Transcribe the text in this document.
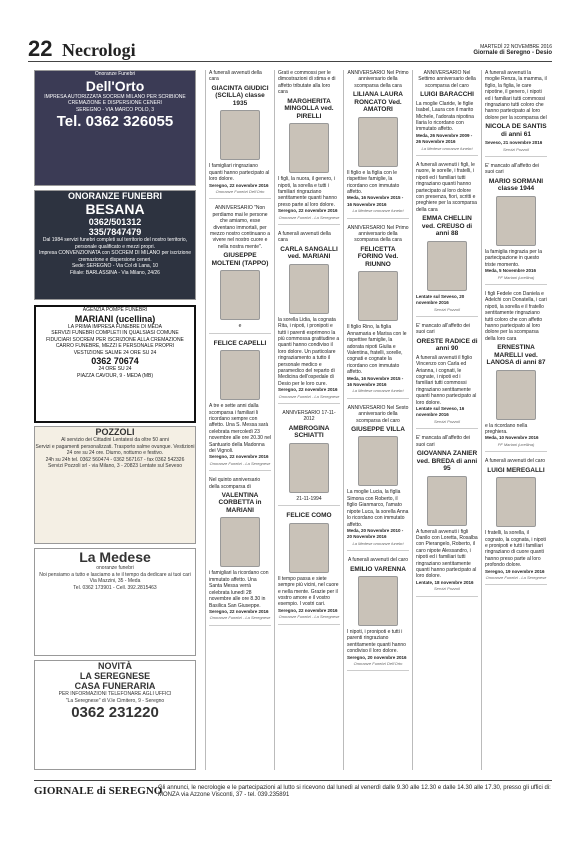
22 Necrologi	MARTEDÌ 22 NOVEMBRE 2016
Giornale di Seregno - Desio
Onoranze Funebri
Dell'Orto
IMPRESA AUTORIZZATA SOCREM MILANO PER SCRIBIONE CREMAZIONE E DISPERSIONE CENERI
SEREGNO - VIA MARCO POLO, 3
Tel. 0362 326055
ONORANZE FUNEBRI
BESANA
0362/501312
335/7847479
Dal 1984 servizi funebri completi sul territorio del nostro territorio, personale qualificato e mezzi propri.
Impresa CONVENZIONATA con SOCREM DI MILANO per iscrizione cremazione e dispersione ceneri.
Sede: SEREGNO - Via Col di Lana, 10
Filiale: BARLASSINA - Via Milano, 24/26
AGENZIA POMPE FUNEBRI
MARIANI (ucellina)
LA PRIMA IMPRESA FUNEBRE DI MEDA
SERVIZI FUNEBRI COMPLETI IN QUALSIASI COMUNE
FIDUCIARI SOCREM PER ISCRIZIONE ALLA CREMAZIONE
CARRO FUNEBRE, MEZZI E PERSONALE PROPRI
VESTIZIONE SALME 24 ORE SU 24
0362 70674
24 ORE SU 24
PIAZZA CAVOUR, 9 - MEDA (MB)
POZZOLI
Al servizio dei Cittadini Lentatesi da oltre 50 anni
Servizi e pagamenti personalizzati. Trasporto salme ovunque. Vestizioni 24 ore su 24 ore. Diurno, notturno e festivo.
24h su 24h tel. 0362 560474 - 0362 567167 - fax 0362 542326
Servizi Pozzoli srl - via Milano, 3 - 20823 Lentate sul Seveso
La Medese
onoranze funebri
Noi pensiamo a tutto e lasciamo a te il tempo da dedicare ai tuoi cari
Via Mazzini, 35 - Meda
Tel. 0362 173901 - Cell. 392.2815463
NOVITÀ
LA SEREGNESE
CASA FUNERARIA
PER INFORMAZIONI TELEFONARE AGLI UFFICI
"La Seregnese" di V.le Cimitero, 9 - Seregno
0362 231220
A funerali avvenuti della cara
GIACINTA GIUDICI (SCILLA) classe 1935
I famigliari ringraziano quanti hanno partecipato al loro dolore.
Seregno, 22 novembre 2016
Onoranze Funebri Dell'Orto
ANNIVERSARIO "Non perdiamo mai le persone che amiamo, esse diventano immortali, per mezzo nostro continuano a vivere nel nostro cuore e nella nostra mente".
GIUSEPPE MOLTENI (TAPPO)
e
FELICE CAPELLI
A tre e sette anni dalla scomparsa i familiari li ricordano sempre con affetto. Una S. Messa sarà celebrata mercoledì 23 novembre alle ore 20.30 nel Santuario della Madonna dei Vignoli.
Seregno, 22 novembre 2016
Onoranze Funebri - La Seregnese
Nel quinto anniversario della scomparsa di
VALENTINA CORBETTA in MARIANI
i famigliari la ricordano con immutato affetto. Una Santa Messa verrà celebrata lunedì 28 novembre alle ore 8.30 in Basilica San Giuseppe.
Seregno, 22 novembre 2016
Onoranze Funebri - La Seregnese
Grati e commossi per le dimostrazioni di stima e di affetto tributate alla loro cara
MARGHERITA MINGOLLA ved. PIRELLI
I figli, la nuora, il genero, i nipoti, la sorella e tutti i familiari ringraziano sentitamente quanti hanno preso parte al loro dolore.
Seregno, 22 novembre 2016
Onoranze Funebri - La Seregnese
A funerali avvenuti della cara
CARLA SANGALLI ved. MARIANI
la sorella Lidia, la cognata Rita, i nipoti, i pronipoti e tutti i parenti esprimono la più commossa gratitudine a quanti hanno condiviso il loro dolore. Un particolare ringraziamento a tutto il personale medico e paramedico del reparto di Medicina dell'ospedale di Desio per le loro cure.
Seregno, 22 novembre 2016
Onoranze Funebri - La Seregnese
ANNIVERSARIO 17-11-2012
AMBROGINA SCHIATTI
21-11-1994
FELICE COMO
Il tempo passa e siete sempre più vicini, nel cuore e nella mente. Grazie per il vostro amore e il vostro esempio. I vostri cari.
Seregno, 22 novembre 2016
Onoranze Funebri - La Seregnese
ANNIVERSARIO Nel Primo anniversario della scomparsa della cara
LILIANA LAURA RONCATO Ved. AMATORI
Il figlio e la figlia con le rispettive famiglie, la ricordano con immutato affetto.
Meda, 16 Novembre 2015 - 16 Novembre 2016
La Medese onoranze funebri
ANNIVERSARIO Nel Primo anniversario della scomparsa della cara
FELICETTA FORINO Ved. RIUNNO
Il figlio Rino, la figlia Annamaria e Marisa con le rispettive famiglie, la adorata nipoti Giulia e Valentina, fratelli, sorelle, cognati e cognate la ricordano con immutato affetto.
Meda, 16 Novembre 2015 - 16 Novembre 2016
La Medese onoranze funebri
ANNIVERSARIO Nel Sesto anniversario della scomparsa del caro
GIUSEPPE VILLA
La moglie Lucia, la figlia Simona con Roberto, il figlio Gianmarco, l'amato nipote Luca, la sorella Anna lo ricordano con immutato affetto.
Meda, 20 Novembre 2010 - 20 Novembre 2016
La Medese onoranze funebri
A funerali avvenuti del caro
EMILIO VARENNA
I nipoti, i pronipoti e tutti i parenti ringraziano sentitamente quanti hanno condiviso il loro dolore.
Seregno, 20 novembre 2016
Onoranze Funebri Dell'Orto
ANNIVERSARIO Nel Settimo anniversario della scomparsa del caro
LUIGI BARACCHI
La moglie Claride, le figlie Isabel, Laura con il marito Michele, l'adorata nipotina Ilaria lo ricordano con immutato affetto.
Meda, 26 Novembre 2009 - 26 Novembre 2016
La Medese onoranze funebri
A funerali avvenuti i figli, le nuore, le sorelle, i fratelli, i nipoti ed i familiari tutti ringraziano quanti hanno partecipato al loro dolore con presenza, fiori, scritti e preghiere per la scomparsa della cara
EMMA CHELLIN ved. CREUSO di anni 88
Lentate sul Seveso, 20 novembre 2016
Servizi Pozzoli
E' mancato all'affetto dei suoi cari
ORESTE RADICE di anni 90
A funerali avvenuti il figlio Vincenzo con Carla ed Arianna, i cognati, le cognate, i nipoti ed i familiari tutti commossi ringraziano sentitamente quanti hanno partecipato al loro dolore.
Lentate sul Seveso, 16 novembre 2016
Servizi Pozzoli
E' mancata all'affetto dei suoi cari
GIOVANNA ZANIER ved. BREDA di anni 95
A funerali avvenuti i figli Danilo con Loretta, Rosalba con Pierangelo, Roberto, il caro nipote Alessandro, i nipoti ed i familiari tutti ringraziano sentitamente quanti hanno partecipato al loro dolore.
Lentate, 18 novembre 2016
Servizi Pozzoli
A funerali avvenuti la moglie Renza, la mamma, il figlio, la figlia, le care nipotine, il genero, i nipoti ed i familiari tutti commossi ringraziano tutti coloro che hanno partecipato al loro dolore per la scomparsa del
NICOLA DE SANTIS di anni 61
Seveso, 21 novembre 2016
Servizi Pozzoli
E' mancato all'affetto dei suoi cari
MARIO SORMANI classe 1944
la famiglia ringrazia per la partecipazione in questo triste momento.
Meda, 5 Novembre 2016
PF Mariani (ucellina)
I figli Fedele con Daniela e Adelchi con Donatella, i cari nipoti, la sorella e il fratello sentitamente ringraziano tutti coloro che con affetto hanno partecipato al loro dolore per la scomparsa della loro cara
ERNESTINA MARELLI ved. LANOSA di anni 87
e la ricordano nella preghiera.
Meda, 10 Novembre 2016
PF Mariani (ucellina)
A funerali avvenuti del caro
LUIGI MEREGALLI
I fratelli, la sorella, il cognato, la cognata, i nipoti e pronipoti e tutti i familiari ringraziano di cuore quanti hanno preso parte al loro profondo dolore.
Seregno, 19 novembre 2016
Onoranze Funebri - La Seregnese
GIORNALE di SEREGNO
Gli annunci, le necrologie e le partecipazioni al lutto si ricevono dal lunedì al venerdì dalle 9.30 alle 12.30 e dalle 14.30 alle 17.30, presso gli uffici di: MONZA via Azzone Visconti, 37 - tel. 039.235891
